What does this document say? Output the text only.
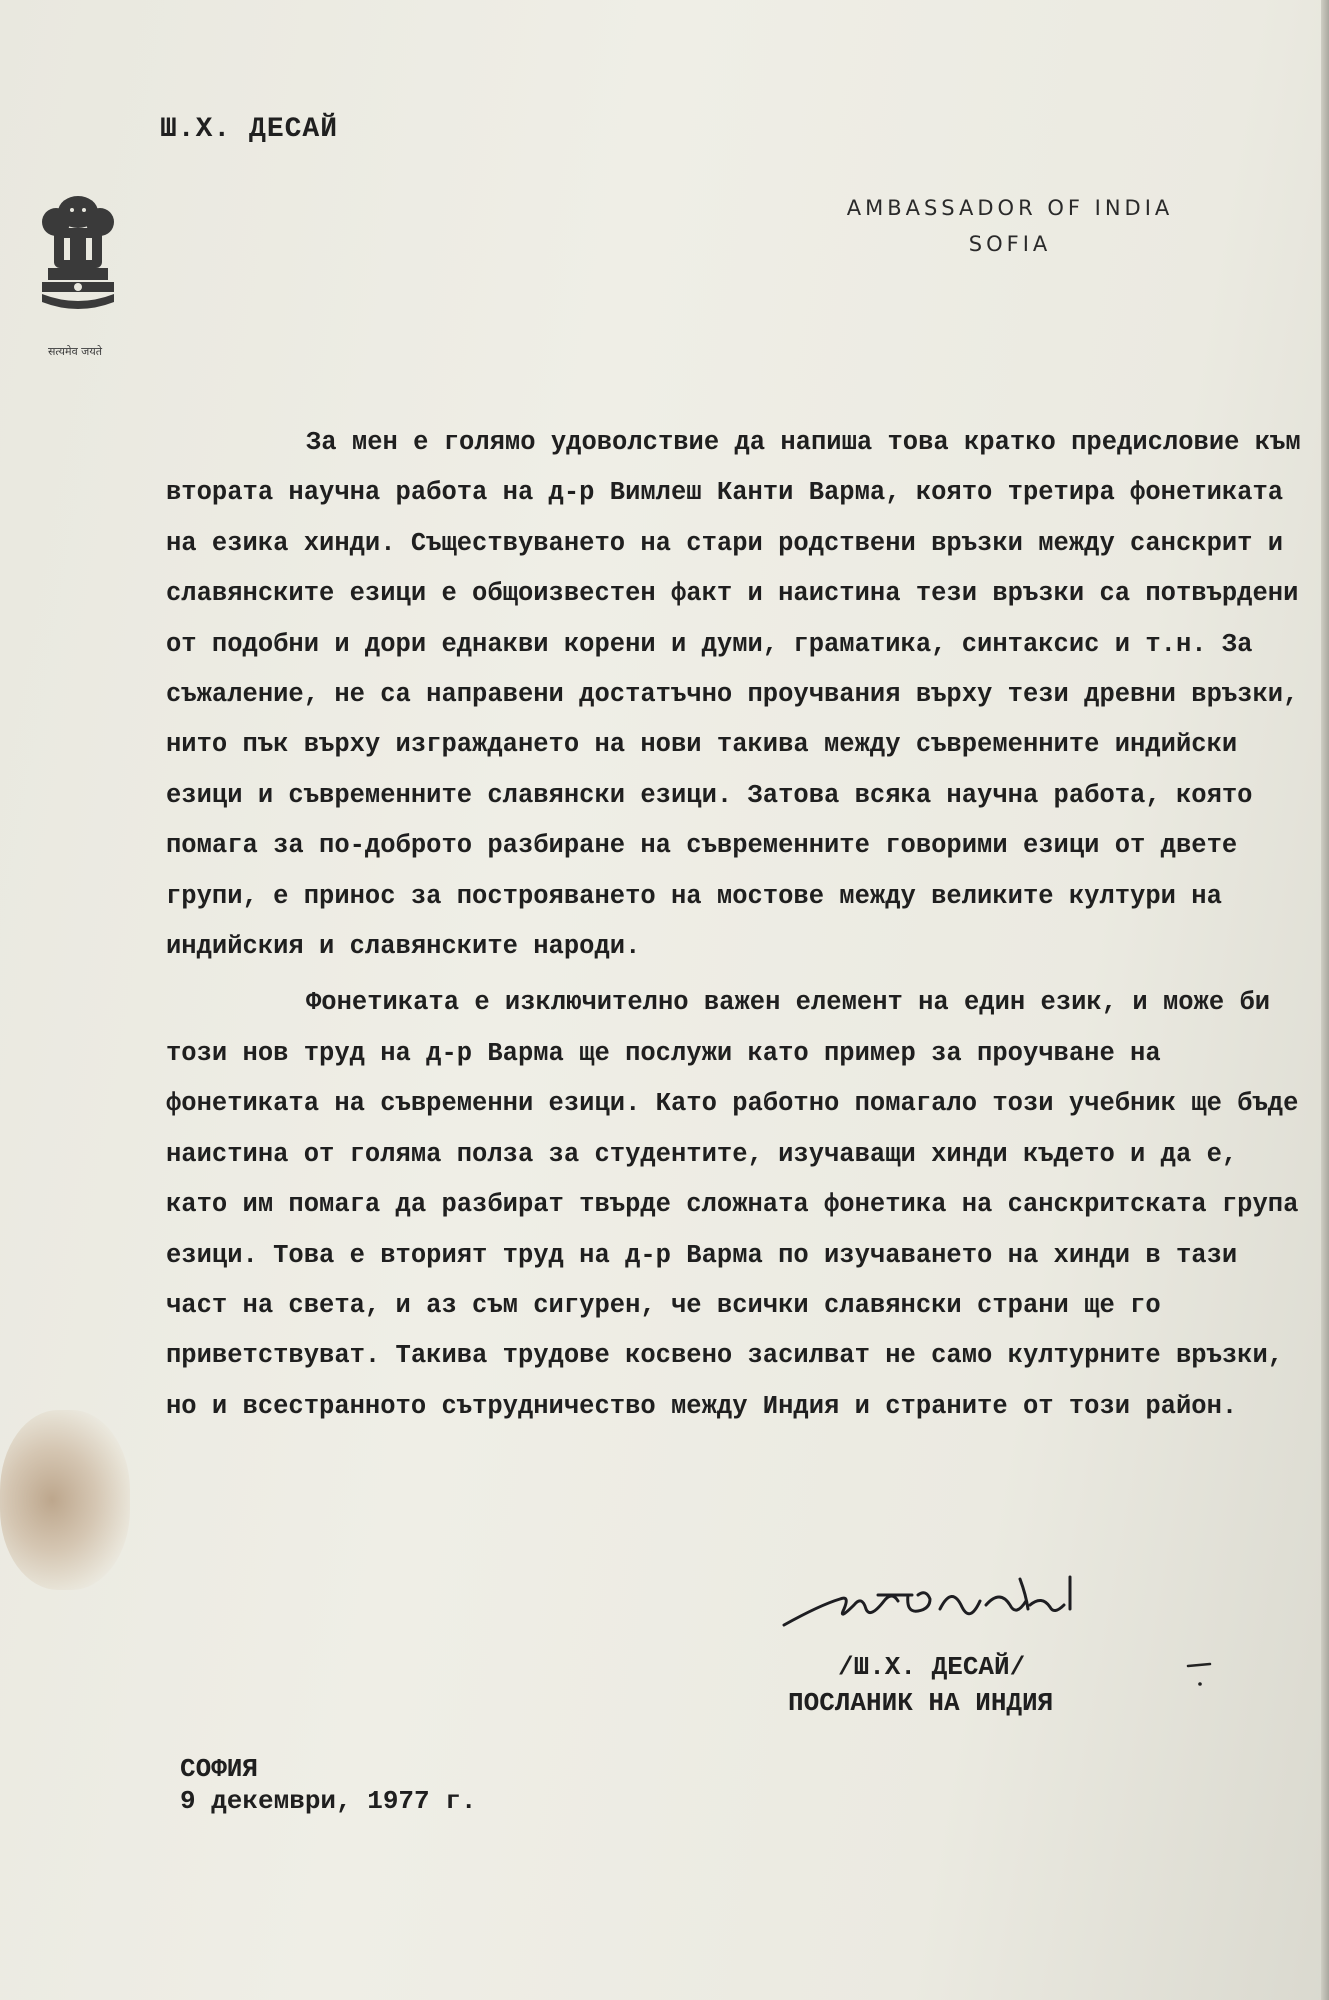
Ш.Х. ДЕСАЙ
सत्यमेव जयते
AMBASSADOR OF INDIA
SOFIA

За мен е голямо удоволствие да напиша това кратко предисловие към втората научна работа на д-р Вимлеш Канти Варма, която третира фонетиката на езика хинди. Съществуването на стари родствени връзки между санскрит и славянските езици е общоизвестен факт и наистина тези връзки са потвърдени от подобни и дори еднакви корени и думи, граматика, синтаксис и т.н. За съжаление, не са направени достатъчно проучвания върху тези древни връзки, нито пък върху изграждането на нови такива между съвременните индийски езици и съвременните славянски езици. Затова всяка научна работа, която помага за по-доброто разбиране на съвременните говорими езици от двете групи, е принос за построяването на мостове между великите култури на индийския и славянските народи.

Фонетиката е изключително важен елемент на един език, и може би този нов труд на д-р Варма ще послужи като пример за проучване на фонетиката на съвременни езици. Като работно помагало този учебник ще бъде наистина от голяма полза за студентите, изучаващи хинди където и да е, като им помага да разбират твърде сложната фонетика на санскритската група езици. Това е вторият труд на д-р Варма по изучаването на хинди в тази част на света, и аз съм сигурен, че всички славянски страни ще го приветствуват. Такива трудове косвено засилват не само културните връзки, но и всестранното сътрудничество между Индия и страните от този район.

/Ш.Х. ДЕСАЙ/
ПОСЛАНИК НА ИНДИЯ
СОФИЯ
9 декември, 1977 г.
